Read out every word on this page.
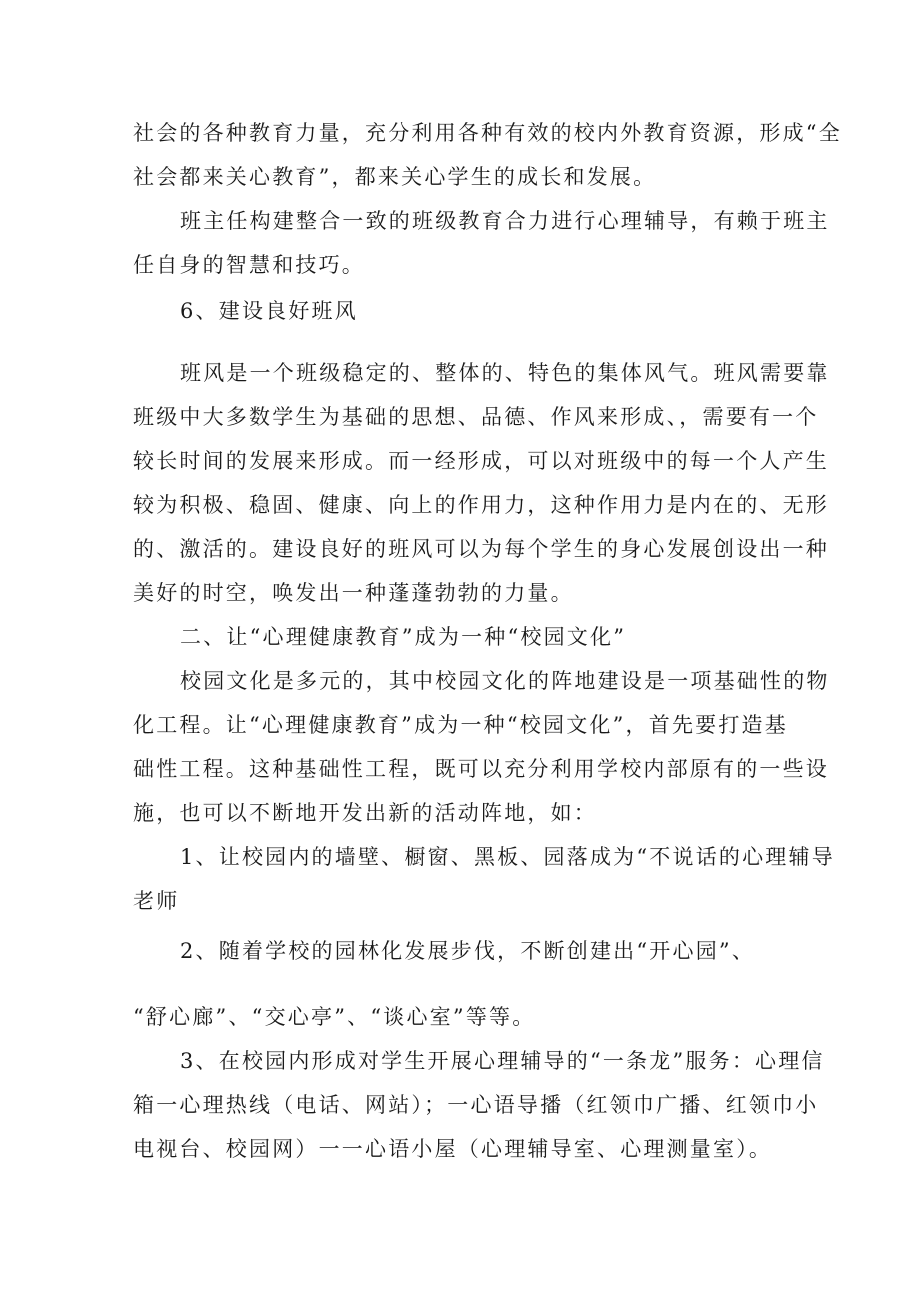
社会的各种教育力量，充分利用各种有效的校内外教育资源，形成“全
社会都来关心教育”，都来关心学生的成长和发展。
班主任构建整合一致的班级教育合力进行心理辅导，有赖于班主
任自身的智慧和技巧。
6、建设良好班风
班风是一个班级稳定的、整体的、特色的集体风气。班风需要靠
班级中大多数学生为基础的思想、品德、作风来形成、，需要有一个
较长时间的发展来形成。而一经形成，可以对班级中的每一个人产生
较为积极、稳固、健康、向上的作用力，这种作用力是内在的、无形
的、激活的。建设良好的班风可以为每个学生的身心发展创设出一种
美好的时空，唤发出一种蓬蓬勃勃的力量。
二、让“心理健康教育”成为一种“校园文化”
校园文化是多元的，其中校园文化的阵地建设是一项基础性的物
化工程。让“心理健康教育”成为一种“校园文化”，首先要打造基
础性工程。这种基础性工程，既可以充分利用学校内部原有的一些设
施，也可以不断地开发出新的活动阵地，如：
1、让校园内的墙壁、橱窗、黑板、园落成为“不说话的心理辅导
老师
2、随着学校的园林化发展步伐，不断创建出“开心园”、
“舒心廊”、“交心亭”、“谈心室”等等。
3、在校园内形成对学生开展心理辅导的“一条龙”服务：心理信
箱一心理热线（电话、网站）；一心语导播（红领巾广播、红领巾小
电视台、校园网）一一心语小屋（心理辅导室、心理测量室）。
